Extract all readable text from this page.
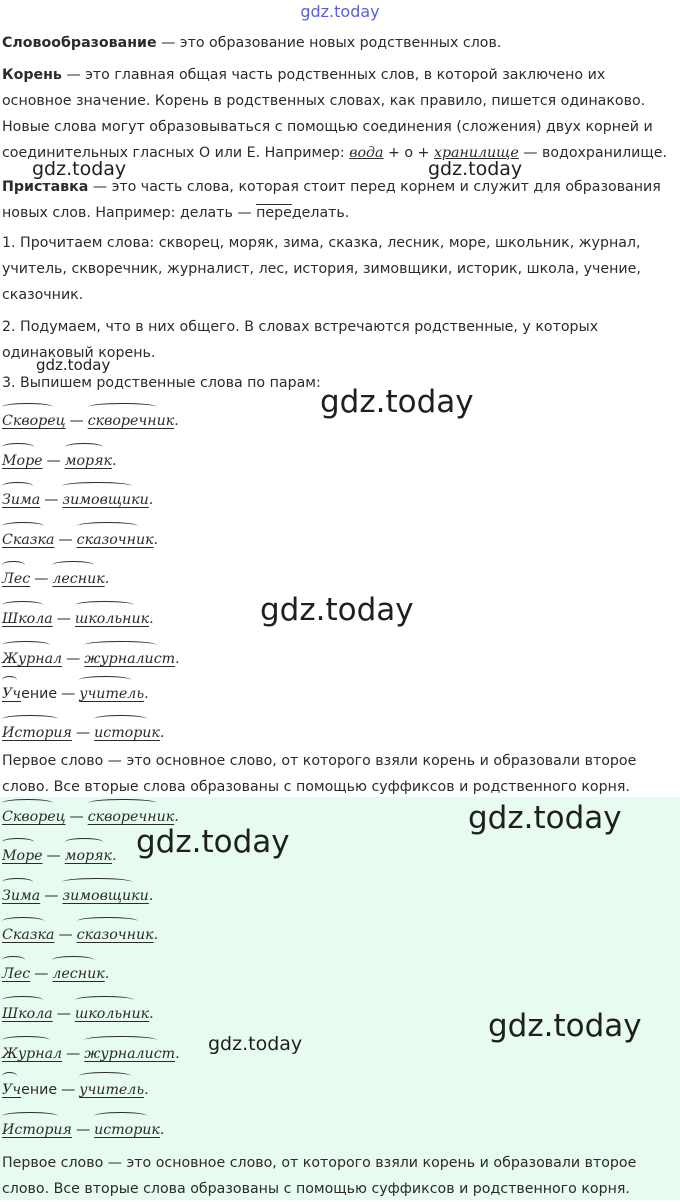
gdz.today

Словообразование — это образование новых родственных слов.

Корень — это главная общая часть родственных слов, в которой заключено их основное значение. Корень в родственных словах, как правило, пишется одинаково. Новые слова могут образовываться с помощью соединения (сложения) двух корней и соединительных гласных О или Е. Например: вода + о + хранилище — водохранилище.

Приставка — это часть слова, которая стоит перед корнем и служит для образования новых слов. Например: делать — переделать.

1. Прочитаем слова: скворец, моряк, зима, сказка, лесник, море, школьник, журнал, учитель, скворечник, журналист, лес, история, зимовщики, историк, школа, учение, сказочник.

2. Подумаем, что в них общего. В словах встречаются родственные, у которых одинаковый корень.

3. Выпишем родственные слова по парам:

Скворец — скворечник.
Море — моряк.
Зима — зимовщики.
Сказка — сказочник.
Лес — лесник.
Школа — школьник.
Журнал — журналист.
Учение — учитель.
История — историк.

Первое слово — это основное слово, от которого взяли корень и образовали второе слово. Все вторые слова образованы с помощью суффиксов и родственного корня.

Скворец — скворечник.
Море — моряк.
Зима — зимовщики.
Сказка — сказочник.
Лес — лесник.
Школа — школьник.
Журнал — журналист.
Учение — учитель.
История — историк.

Первое слово — это основное слово, от которого взяли корень и образовали второе слово. Все вторые слова образованы с помощью суффиксов и родственного корня.

gdz.today	gdz.today
gdz.today
gdz.today
gdz.today
gdz.today
gdz.today
gdz.today
gdz.today
